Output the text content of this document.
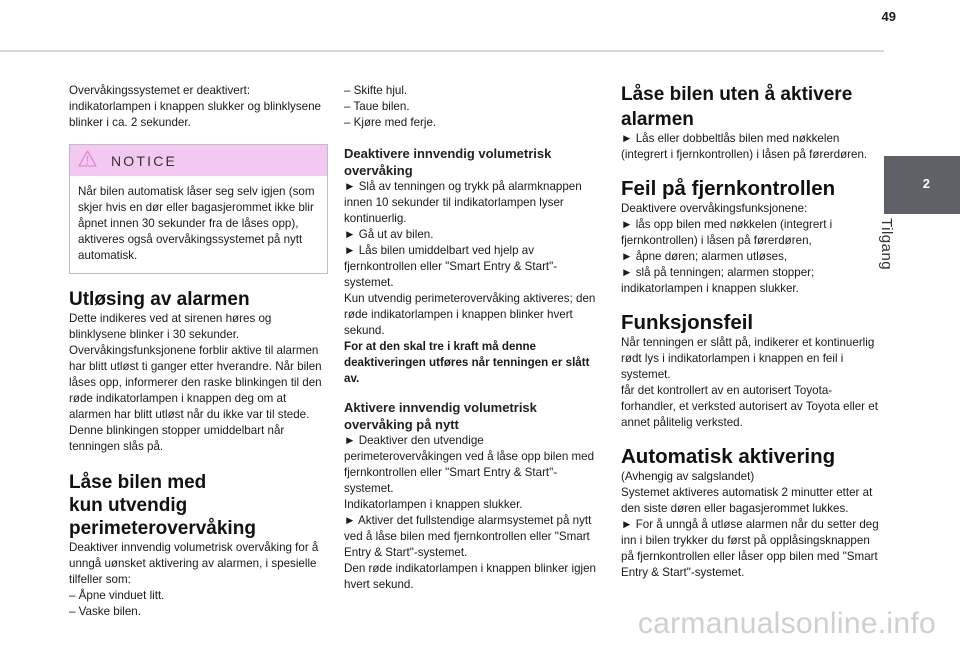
49
2
Tilgang

Overvåkingssystemet er deaktivert: indikatorlampen i knappen slukker og blinklysene blinker i ca. 2 sekunder.

NOTICE
Når bilen automatisk låser seg selv igjen (som skjer hvis en dør eller bagasjerommet ikke blir åpnet innen 30 sekunder fra de låses opp), aktiveres også overvåkingssystemet på nytt automatisk.
Utløsing av alarmen

Dette indikeres ved at sirenen høres og blinklysene blinker i 30 sekunder. Overvåkingsfunksjonene forblir aktive til alarmen har blitt utløst ti ganger etter hverandre. Når bilen låses opp, informerer den raske blinkingen til den røde indikatorlampen i knappen deg om at alarmen har blitt utløst når du ikke var til stede. Denne blinkingen stopper umiddelbart når tenningen slås på.

Låse bilen med
kun utvendig
perimeterovervåking

Deaktiver innvendig volumetrisk overvåking for å unngå uønsket aktivering av alarmen, i spesielle tilfeller som:

– Åpne vinduet litt.

– Vaske bilen.

– Skifte hjul.

– Taue bilen.

– Kjøre med ferje.

Deaktivere innvendig volumetrisk overvåking

► Slå av tenningen og trykk på alarmknappen innen 10 sekunder til indikatorlampen lyser kontinuerlig.

► Gå ut av bilen.

► Lås bilen umiddelbart ved hjelp av fjernkontrollen eller "Smart Entry & Start"-systemet.

Kun utvendig perimeterovervåking aktiveres; den røde indikatorlampen i knappen blinker hvert sekund.

For at den skal tre i kraft må denne deaktiveringen utføres når tenningen er slått av.

Aktivere innvendig volumetrisk overvåking på nytt

► Deaktiver den utvendige perimeterovervåkingen ved å låse opp bilen med fjernkontrollen eller "Smart Entry & Start"-systemet.

Indikatorlampen i knappen slukker.

► Aktiver det fullstendige alarmsystemet på nytt ved å låse bilen med fjernkontrollen eller "Smart Entry & Start"-systemet.

Den røde indikatorlampen i knappen blinker igjen hvert sekund.

Låse bilen uten å aktivere
alarmen

► Lås eller dobbeltlås bilen med nøkkelen (integrert i fjernkontrollen) i låsen på førerdøren.

Feil på fjernkontrollen

Deaktivere overvåkingsfunksjonene:

► lås opp bilen med nøkkelen (integrert i fjernkontrollen) i låsen på førerdøren,

► åpne døren; alarmen utløses,

► slå på tenningen; alarmen stopper; indikatorlampen i knappen slukker.

Funksjonsfeil

Når tenningen er slått på, indikerer et kontinuerlig rødt lys i indikatorlampen i knappen en feil i systemet.

får det kontrollert av en autorisert Toyota-forhandler, et verksted autorisert av Toyota eller et annet pålitelig verksted.

Automatisk aktivering

(Avhengig av salgslandet)

Systemet aktiveres automatisk 2 minutter etter at den siste døren eller bagasjerommet lukkes.

► For å unngå å utløse alarmen når du setter deg inn i bilen trykker du først på opplåsingsknappen på fjernkontrollen eller låser opp bilen med "Smart Entry & Start"-systemet.

carmanualsonline.info
